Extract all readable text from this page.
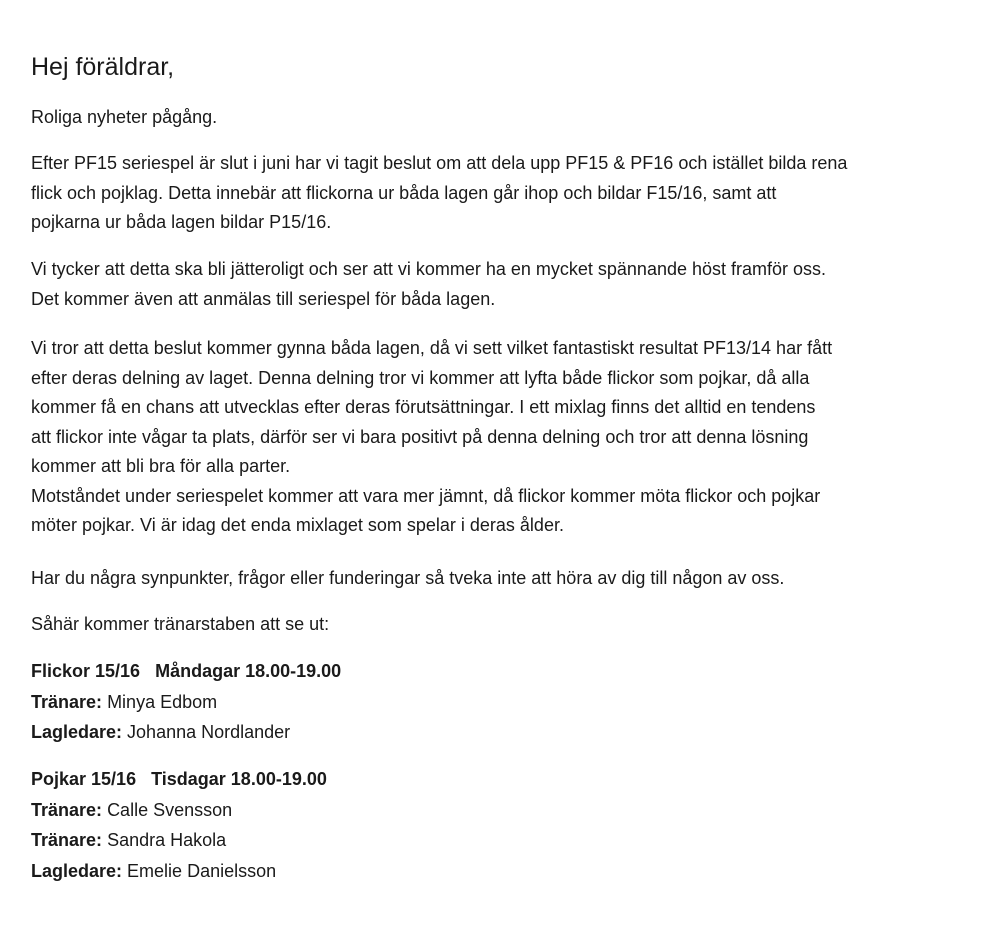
Hej föräldrar,
Roliga nyheter pågång.
Efter PF15 seriespel är slut i juni har vi tagit beslut om att dela upp PF15 & PF16 och istället bilda rena
flick och pojklag. Detta innebär att flickorna ur båda lagen går ihop och bildar F15/16, samt att
pojkarna ur båda lagen bildar P15/16.
Vi tycker att detta ska bli jätteroligt och ser att vi kommer ha en mycket spännande höst framför oss.
Det kommer även att anmälas till seriespel för båda lagen.
Vi tror att detta beslut kommer gynna båda lagen, då vi sett vilket fantastiskt resultat PF13/14 har fått
efter deras delning av laget. Denna delning tror vi kommer att lyfta både flickor som pojkar, då alla
kommer få en chans att utvecklas efter deras förutsättningar. I ett mixlag finns det alltid en tendens
att flickor inte vågar ta plats, därför ser vi bara positivt på denna delning och tror att denna lösning
kommer att bli bra för alla parter.
Motståndet under seriespelet kommer att vara mer jämnt, då flickor kommer möta flickor och pojkar
möter pojkar. Vi är idag det enda mixlaget som spelar i deras ålder.
Har du några synpunkter, frågor eller funderingar så tveka inte att höra av dig till någon av oss.
Såhär kommer tränarstaben att se ut:
Flickor 15/16 Måndagar 18.00-19.00
Tränare: Minya Edbom
Lagledare: Johanna Nordlander
Pojkar 15/16 Tisdagar 18.00-19.00
Tränare: Calle Svensson
Tränare: Sandra Hakola
Lagledare: Emelie Danielsson
